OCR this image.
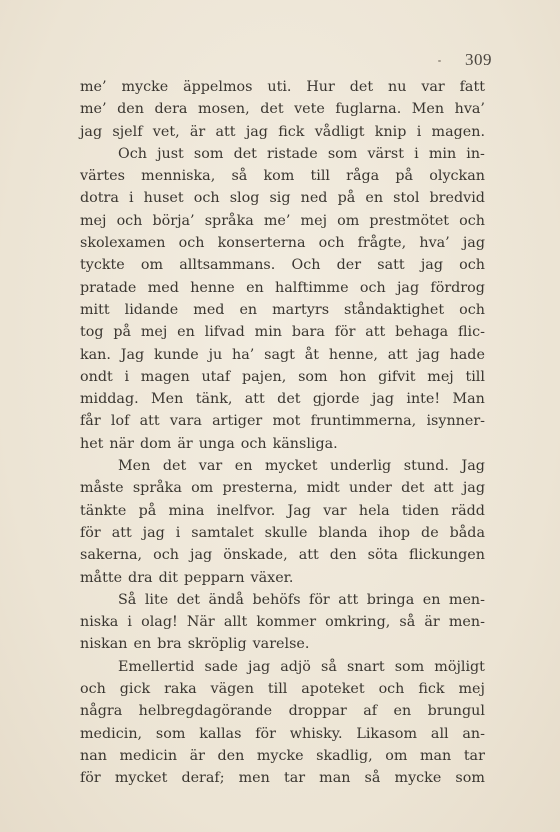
309
me’ mycke äppelmos uti. Hur det nu var fatt
me’ den dera mosen, det vete fuglarna. Men hva’
jag sjelf vet, är att jag fick vådligt knip i magen.
Och just som det ristade som värst i min in-
värtes menniska, så kom till råga på olyckan
dotra i huset och slog sig ned på en stol bredvid
mej och börja’ språka me’ mej om prestmötet och
skolexamen och konserterna och frågte, hva’ jag
tyckte om alltsammans. Och der satt jag och
pratade med henne en halftimme och jag fördrog
mitt lidande med en martyrs ståndaktighet och
tog på mej en lifvad min bara för att behaga flic-
kan. Jag kunde ju ha’ sagt åt henne, att jag hade
ondt i magen utaf pajen, som hon gifvit mej till
middag. Men tänk, att det gjorde jag inte! Man
får lof att vara artiger mot fruntimmerna, isynner-
het när dom är unga och känsliga.
Men det var en mycket underlig stund. Jag
måste språka om presterna, midt under det att jag
tänkte på mina inelfvor. Jag var hela tiden rädd
för att jag i samtalet skulle blanda ihop de båda
sakerna, och jag önskade, att den söta flickungen
måtte dra dit pepparn växer.
Så lite det ändå behöfs för att bringa en men-
niska i olag! När allt kommer omkring, så är men-
niskan en bra skröplig varelse.
Emellertid sade jag adjö så snart som möjligt
och gick raka vägen till apoteket och fick mej
några helbregdagörande droppar af en brungul
medicin, som kallas för whisky. Likasom all an-
nan medicin är den mycke skadlig, om man tar
för mycket deraf; men tar man så mycke som
